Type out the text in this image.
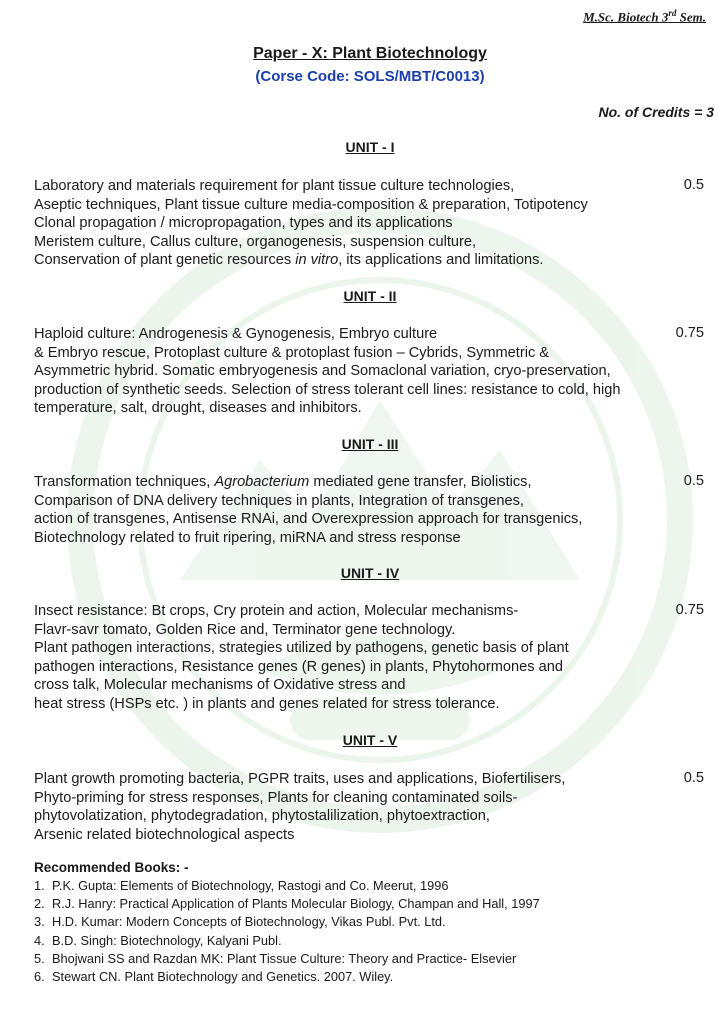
M.Sc. Biotech 3rd Sem.
Paper - X: Plant Biotechnology
(Corse Code: SOLS/MBT/C0013)
No. of Credits = 3
UNIT - I
0.5
Laboratory and materials requirement for plant tissue culture technologies,
Aseptic techniques, Plant tissue culture media-composition & preparation, Totipotency
Clonal propagation / micropropagation, types and its applications
Meristem culture, Callus culture, organogenesis, suspension culture,
Conservation of plant genetic resources in vitro, its applications and limitations.
UNIT - II
0.75
Haploid culture: Androgenesis & Gynogenesis, Embryo culture
& Embryo rescue, Protoplast culture & protoplast fusion – Cybrids, Symmetric &
Asymmetric hybrid. Somatic embryogenesis and Somaclonal variation, cryo-preservation,
production of synthetic seeds. Selection of stress tolerant cell lines: resistance to cold, high
temperature, salt, drought, diseases and inhibitors.
UNIT - III
0.5
Transformation techniques, Agrobacterium mediated gene transfer, Biolistics,
Comparison of DNA delivery techniques in plants, Integration of transgenes,
action of transgenes, Antisense RNAi, and Overexpression approach for transgenics,
Biotechnology related to fruit ripering, miRNA and stress response
UNIT - IV
0.75
Insect resistance: Bt crops, Cry protein and action, Molecular mechanisms-
Flavr-savr tomato, Golden Rice and, Terminator gene technology.
Plant pathogen interactions, strategies utilized by pathogens, genetic basis of plant
pathogen interactions, Resistance genes (R genes) in plants, Phytohormones and
cross talk, Molecular mechanisms of Oxidative stress and
heat stress (HSPs etc. ) in plants and genes related for stress tolerance.
UNIT - V
0.5
Plant growth promoting bacteria, PGPR traits, uses and applications, Biofertilisers,
Phyto-priming for stress responses, Plants for cleaning contaminated soils-
phytovolatization, phytodegradation, phytostalilization, phytoextraction,
Arsenic related biotechnological aspects
Recommended Books: -
1. P.K. Gupta: Elements of Biotechnology, Rastogi and Co. Meerut, 1996
2. R.J. Hanry: Practical Application of Plants Molecular Biology, Champan and Hall, 1997
3. H.D. Kumar: Modern Concepts of Biotechnology, Vikas Publ. Pvt. Ltd.
4. B.D. Singh: Biotechnology, Kalyani Publ.
5. Bhojwani SS and Razdan MK: Plant Tissue Culture: Theory and Practice- Elsevier
6. Stewart CN. Plant Biotechnology and Genetics. 2007. Wiley.
